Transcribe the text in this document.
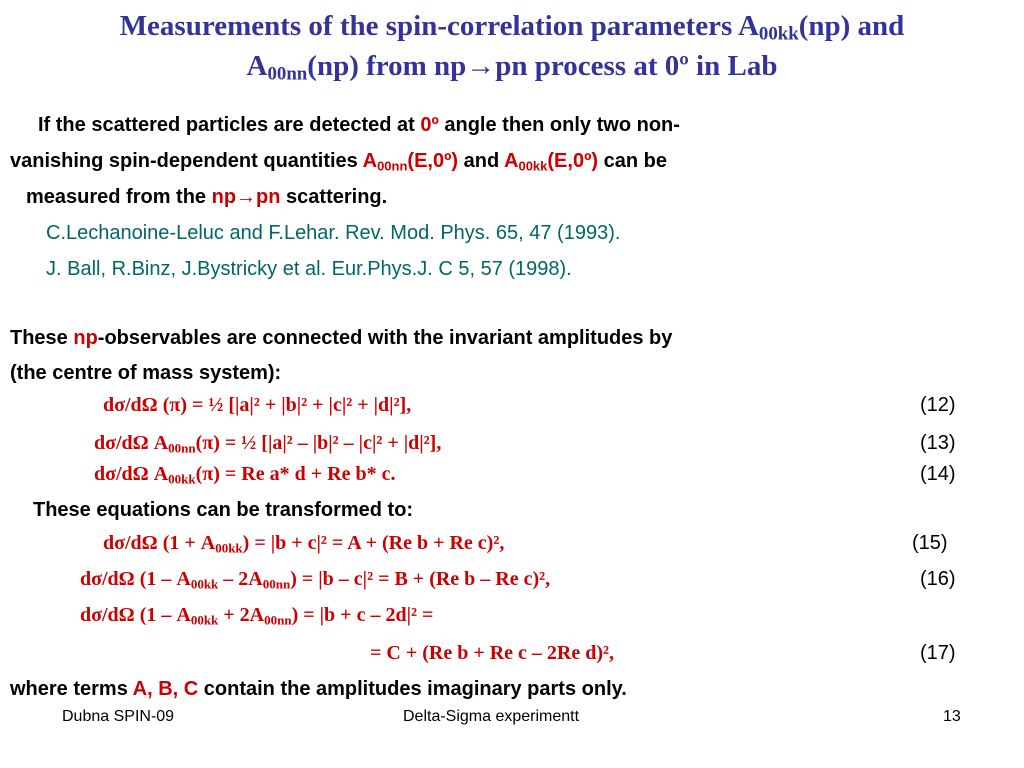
Measurements of the spin-correlation parameters $A_{00kk}(np)$ and
$A_{00nn}(np)$ from np→pn process at 0º in Lab
If the scattered particles are detected at 0º angle then only two non-
vanishing spin-dependent quantities $A_{00nn}(E,0º)$ and $A_{00kk}(E,0º)$ can be
measured from the np→pn scattering.
C.Lechanoine-Leluc and F.Lehar. Rev. Mod. Phys. 65, 47 (1993).
J. Ball, R.Binz, J.Bystricky et al. Eur.Phys.J. C 5, 57 (1998).
These np-observables are connected with the invariant amplitudes by
(the centre of mass system):
dσ/dΩ (π) = ½ [|a|² + |b|² + |c|² + |d|²],	(12)
dσ/dΩ $A_{00nn}(\pi)$ = ½ [|a|² – |b|² – |c|² + |d|²],	(13)
dσ/dΩ $A_{00kk}(\pi) = Re$ a* d + Re b* c.	(14)
These equations can be transformed to:
dσ/dΩ $(1 + A_{00kk}) = |b + c|^2 = A + (Re$ b + Re c)²,	(15)
dσ/dΩ $(1 - A_{00kk} - 2A_{00nn}) = |b - c|^2 = B + (Re$ b – Re c)²,	(16)
dσ/dΩ $(1 - A_{00kk} + 2A_{00nn}) = |b + c - 2d|^2$ =
= C + (Re b + Re c – 2Re d)²,	(17)
where terms A, B, C contain the amplitudes imaginary parts only.
Dubna SPIN-09	Delta-Sigma experimentt	13
